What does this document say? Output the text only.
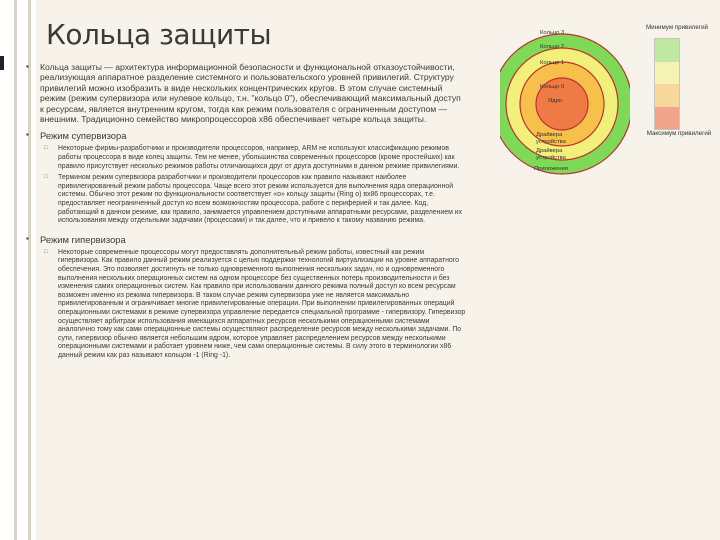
Кольца защиты
▪ Кольца защиты — архитектура информационной безопасности и функциональной отказоустойчивости, реализующая аппаратное разделение системного и пользовательского уровней привилегий. Структуру привилегий можно изобразить в виде нескольких концентрических кругов. В этом случае системный режим (режим супервизора или нулевое кольцо, т.н. "кольцо 0"), обеспечивающий максимальный доступ к ресурсам, является внутренним кругом, тогда как режим пользователя с ограниченным доступом — внешним. Традиционно семейство микропроцессоров x86 обеспечивает четыре кольца защиты.
▪ Режим супервизора
□ Некоторые фирмы-разработчики и производители процессоров, например, ARM не используют классификацию режимов работы процессора в виде колец защиты. Тем не менее, убольшинства современных процессоров (кроме простейших) как правило присутствует несколько режимов работы отличающихся друг от друга доступными в данном режиме привилегиями.
□ Термином режим супервизора разработчики и производители процессоров как правило называют наиболее привилегированный режим работы процессора. Чаще всего этот режим используется для выполнения ядра операционной системы. Обычно этот режим по функциональности соответствует «о» кольцу защиты (Ring o) вx86 процессорах, т.е. предоставляет неограниченный доступ ко всем возможностям процессора, работе с периферией и так далее. Код, работающий в данном режиме, как правило, занимается управлением доступными аппаратными ресурсами, разделением их использования между отдельными задачами (процессами) и так далее, что и привело к такому названию режима.
▪ Режим гипервизора
□ Некоторые современные процессоры могут предоставлять дополнительный режим работы, известный как режим гипервизора. Как правило данный режим реализуется с целью поддержки технологий виртуализации на уровне аппаратного обеспечения. Это позволяет достигнуть не только одновременного выполнения нескольких задач, но и одновременного выполнения нескольких операционных систем на одном процессоре без существенных потерь производительности и без изменения самих операционных систем. Как правило при использовании данного режима полный доступ ко всем ресурсам возможен именно из режима гипервизора. В таком случае режим супервизора уже не является максимально привилегированным и ограничивает многие привилегированные операции. При выполнении привилегированных операций операционными системами в режиме супервизора управление передается специальной программе - гипервизору. Гипервизор осуществляет арбитраж использования имеющихся аппаратных ресурсов несколькими операционными системами аналогично тому как сами операционные системы осуществляют распределение ресурсов между несколькими задачами. По сути, гипервизор обычно является небольшим ядром, которое управляет распределением ресурсов между несколькими операционными системами и работает уровнем ниже, чем сами операционные системы. В силу этого в терминологии x86 данный режим как раз называют кольцом -1 (Ring -1).
Кольцо 3
Кольцо 2
Кольцо 1
Кольцо 0
Ядро
Драйвера устройства
Драйвера устройства
Приложения
Минимум привилегий
Максимум привилегий
